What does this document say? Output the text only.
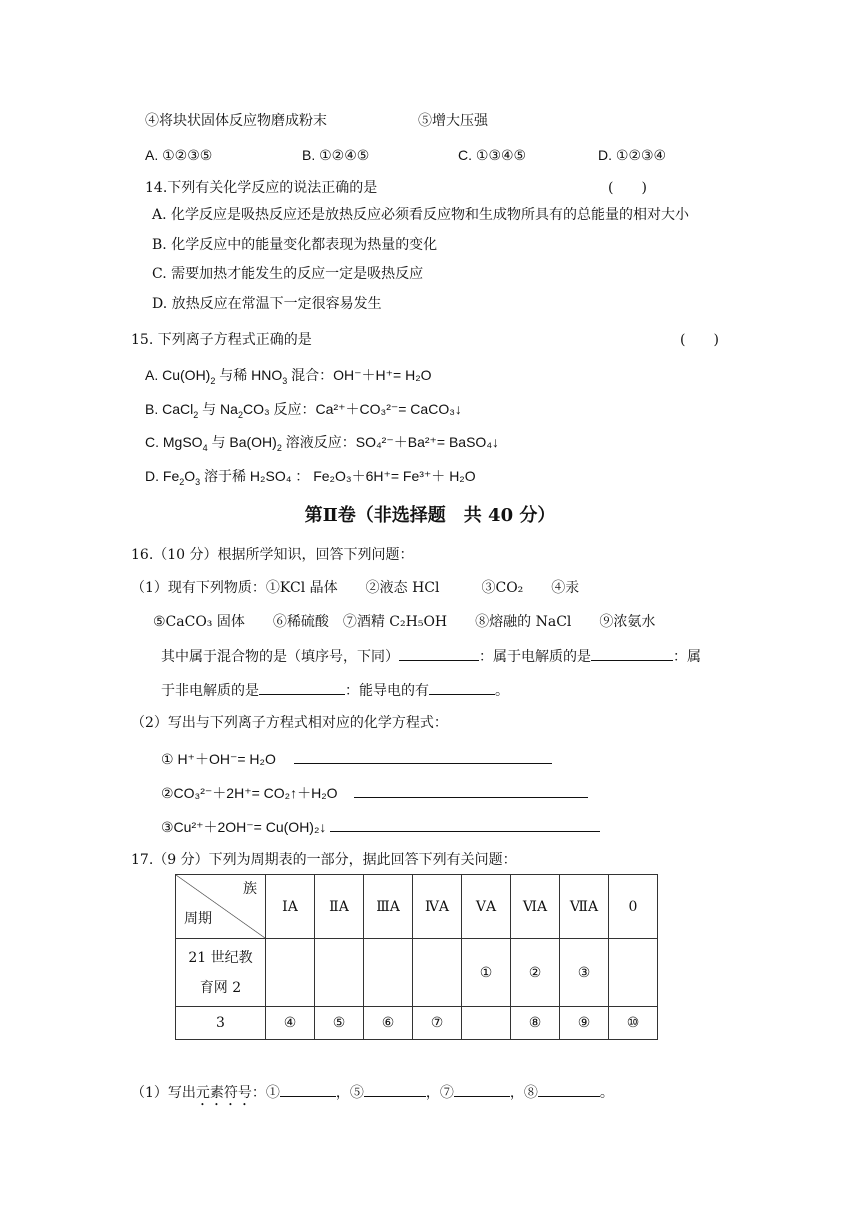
④将块状固体反应物磨成粉末	⑤增大压强
A. ①②③⑤	B. ①②④⑤	C. ①③④⑤	D. ①②③④
14.下列有关化学反应的说法正确的是	(　　)
A. 化学反应是吸热反应还是放热反应必须看反应物和生成物所具有的总能量的相对大小
B. 化学反应中的能量变化都表现为热量的变化
C. 需要加热才能发生的反应一定是吸热反应
D. 放热反应在常温下一定很容易发生
15. 下列离子方程式正确的是	(　　)
A. $Cu(OH)_2$ 与稀 $HNO_3$ 混合：OH⁻＋H⁺= H₂O
B. CaCl$_2$ 与 $Na_2CO_3$ 反应：Ca²⁺＋CO₃²⁻= CaCO₃↓
C. MgSO$_4$ 与 $Ba(OH)_2$ 溶液反应：SO₄²⁻＋Ba²⁺= BaSO₄↓
D. $Fe_2O_3$ 溶于稀 H₂SO₄ ： Fe₂O₃＋6H⁺= Fe³⁺＋ H₂O
第Ⅱ卷（非选择题　共 40 分）
16.（10 分）根据所学知识，回答下列问题：
（1）现有下列物质：①KCl 晶体　　②液态 HCl　　　③CO₂　　④汞
⑤CaCO₃ 固体　　⑥稀硫酸　⑦酒精 C₂H₅OH　　⑧熔融的 NaCl　　⑨浓氨水
其中属于混合物的是（填序号，下同）	：属于电解质的是	：属
于非电解质的是	：能导电的有	。
（2）写出与下列离子方程式相对应的化学方程式：
① H⁺＋OH⁻= H₂O
②CO₃²⁻＋2H⁺= CO₂↑＋H₂O
③Cu²⁺＋2OH⁻= Cu(OH)₂↓
17.（9 分）下列为周期表的一部分，据此回答下列有关问题：
族
周期	ⅠA	ⅡA	ⅢA	ⅣA	ⅤA	ⅥA	ⅦA	0

21 世纪教
育网 2					①	②	③	
3	④	⑤	⑥	⑦		⑧	⑨	⑩
（1）写出元素符号：①	，⑤	，⑦	，⑧	。
